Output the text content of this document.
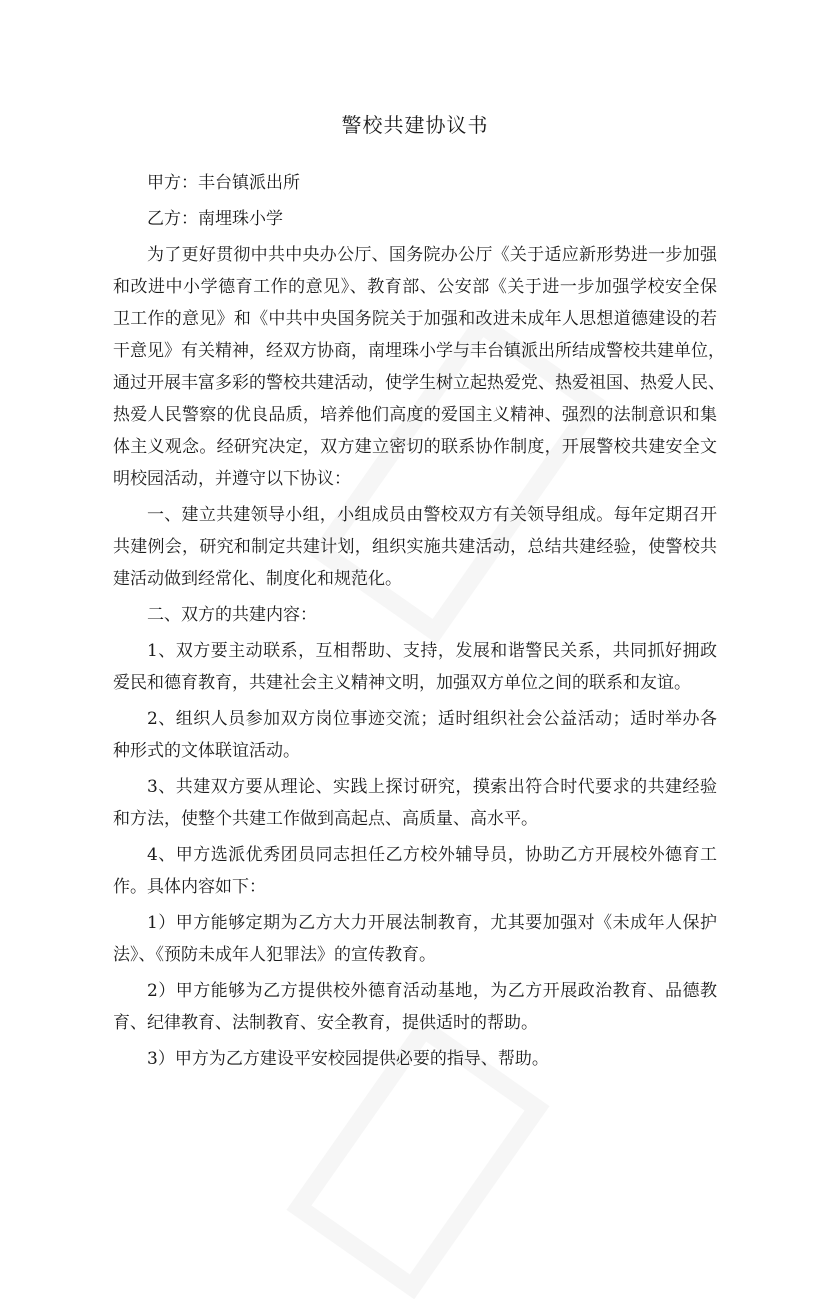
警校共建协议书
甲方：丰台镇派出所
乙方：南埋珠小学
为了更好贯彻中共中央办公厅、国务院办公厅《关于适应新形势进一步加强
和改进中小学德育工作的意见》、教育部、公安部《关于进一步加强学校安全保
卫工作的意见》和《中共中央国务院关于加强和改进未成年人思想道德建设的若
干意见》有关精神，经双方协商，南埋珠小学与丰台镇派出所结成警校共建单位，
通过开展丰富多彩的警校共建活动，使学生树立起热爱党、热爱祖国、热爱人民、
热爱人民警察的优良品质，培养他们高度的爱国主义精神、强烈的法制意识和集
体主义观念。经研究决定，双方建立密切的联系协作制度，开展警校共建安全文
明校园活动，并遵守以下协议：
一、建立共建领导小组，小组成员由警校双方有关领导组成。每年定期召开
共建例会，研究和制定共建计划，组织实施共建活动，总结共建经验，使警校共
建活动做到经常化、制度化和规范化。
二、双方的共建内容：
1、双方要主动联系，互相帮助、支持，发展和谐警民关系，共同抓好拥政
爱民和德育教育，共建社会主义精神文明，加强双方单位之间的联系和友谊。
2、组织人员参加双方岗位事迹交流；适时组织社会公益活动；适时举办各
种形式的文体联谊活动。
3、共建双方要从理论、实践上探讨研究，摸索出符合时代要求的共建经验
和方法，使整个共建工作做到高起点、高质量、高水平。
4、甲方选派优秀团员同志担任乙方校外辅导员，协助乙方开展校外德育工
作。具体内容如下：
1）甲方能够定期为乙方大力开展法制教育，尤其要加强对《未成年人保护
法》、《预防未成年人犯罪法》的宣传教育。
2）甲方能够为乙方提供校外德育活动基地，为乙方开展政治教育、品德教
育、纪律教育、法制教育、安全教育，提供适时的帮助。
3）甲方为乙方建设平安校园提供必要的指导、帮助。
